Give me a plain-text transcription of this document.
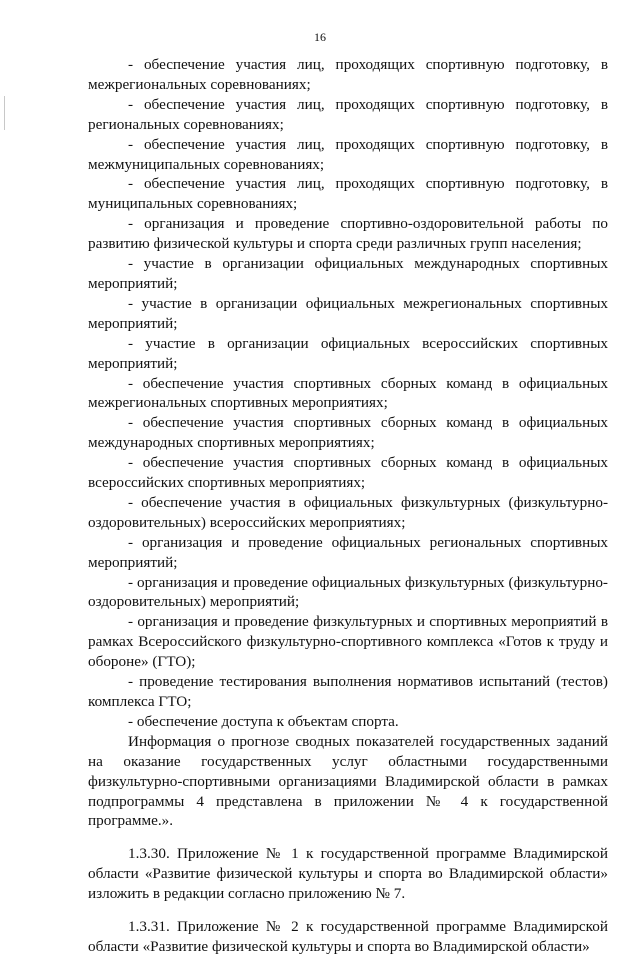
16

- обеспечение участия лиц, проходящих спортивную подготовку, в межрегиональных соревнованиях;

- обеспечение участия лиц, проходящих спортивную подготовку, в региональных соревнованиях;

- обеспечение участия лиц, проходящих спортивную подготовку, в межмуниципальных соревнованиях;

- обеспечение участия лиц, проходящих спортивную подготовку, в муниципальных соревнованиях;

- организация и проведение спортивно-оздоровительной работы по развитию физической культуры и спорта среди различных групп населения;

- участие в организации официальных международных спортивных мероприятий;

- участие в организации официальных межрегиональных спортивных мероприятий;

- участие в организации официальных всероссийских спортивных мероприятий;

- обеспечение участия спортивных сборных команд в официальных межрегиональных спортивных мероприятиях;

- обеспечение участия спортивных сборных команд в официальных международных спортивных мероприятиях;

- обеспечение участия спортивных сборных команд в официальных всероссийских спортивных мероприятиях;

- обеспечение участия в официальных физкультурных (физкультурно-оздоровительных) всероссийских мероприятиях;

- организация и проведение официальных региональных спортивных мероприятий;

- организация и проведение официальных физкультурных (физкультурно-оздоровительных) мероприятий;

- организация и проведение физкультурных и спортивных мероприятий в рамках Всероссийского физкультурно-спортивного комплекса «Готов к труду и обороне» (ГТО);

- проведение тестирования выполнения нормативов испытаний (тестов) комплекса ГТО;

- обеспечение доступа к объектам спорта.

Информация о прогнозе сводных показателей государственных заданий на оказание государственных услуг областными государственными физкультурно-спортивными организациями Владимирской области в рамках подпрограммы 4 представлена в приложении № 4 к государственной программе.».

1.3.30. Приложение № 1 к государственной программе Владимирской области «Развитие физической культуры и спорта во Владимирской области» изложить в редакции согласно приложению № 7.

1.3.31. Приложение № 2 к государственной программе Владимирской области «Развитие физической культуры и спорта во Владимирской области»
